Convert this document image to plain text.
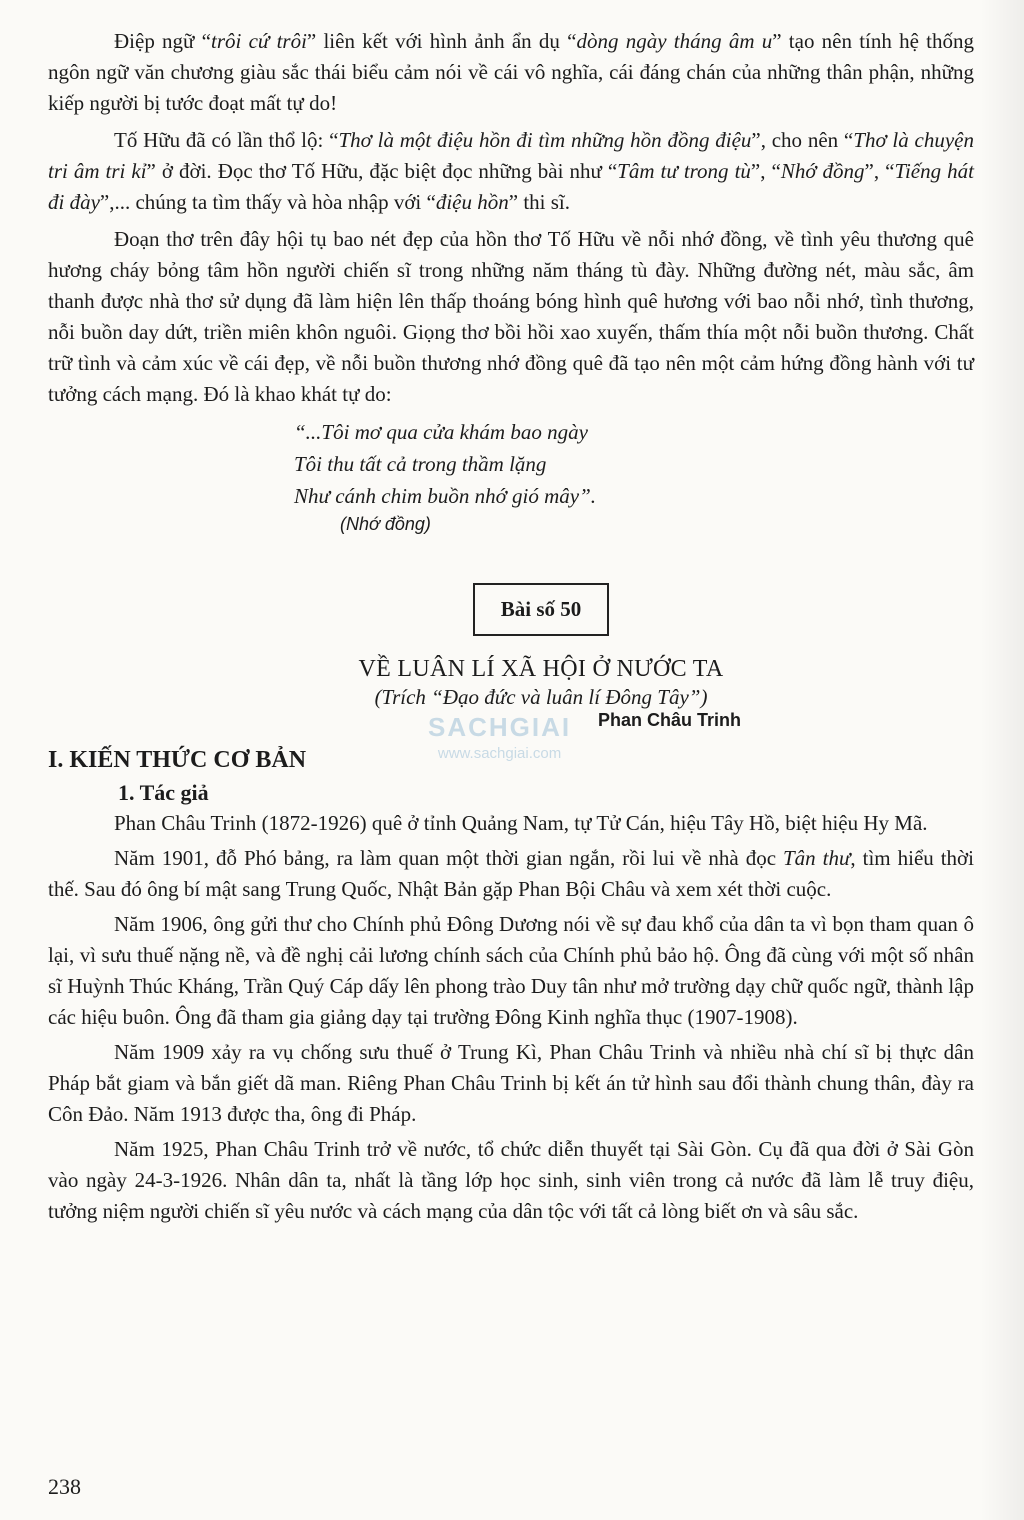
Điệp ngữ “trôi cứ trôi” liên kết với hình ảnh ẩn dụ “dòng ngày tháng âm u” tạo nên tính hệ thống ngôn ngữ văn chương giàu sắc thái biểu cảm nói về cái vô nghĩa, cái đáng chán của những thân phận, những kiếp người bị tước đoạt mất tự do!

Tố Hữu đã có lần thổ lộ: “Thơ là một điệu hồn đi tìm những hồn đồng điệu”, cho nên “Thơ là chuyện tri âm tri kỉ” ở đời. Đọc thơ Tố Hữu, đặc biệt đọc những bài như “Tâm tư trong tù”, “Nhớ đồng”, “Tiếng hát đi đày”,... chúng ta tìm thấy và hòa nhập với “điệu hồn” thi sĩ.

Đoạn thơ trên đây hội tụ bao nét đẹp của hồn thơ Tố Hữu về nỗi nhớ đồng, về tình yêu thương quê hương cháy bỏng tâm hồn người chiến sĩ trong những năm tháng tù đày. Những đường nét, màu sắc, âm thanh được nhà thơ sử dụng đã làm hiện lên thấp thoáng bóng hình quê hương với bao nỗi nhớ, tình thương, nỗi buồn day dứt, triền miên khôn nguôi. Giọng thơ bồi hồi xao xuyến, thấm thía một nỗi buồn thương. Chất trữ tình và cảm xúc về cái đẹp, về nỗi buồn thương nhớ đồng quê đã tạo nên một cảm hứng đồng hành với tư tưởng cách mạng. Đó là khao khát tự do:

“...Tôi mơ qua cửa khám bao ngày
Tôi thu tất cả trong thầm lặng
Như cánh chim buồn nhớ gió mây”.
(Nhớ đồng)
Bài số 50
VỀ LUÂN LÍ XÃ HỘI Ở NƯỚC TA
(Trích “Đạo đức và luân lí Đông Tây”)
Phan Châu Trinh
I. KIẾN THỨC CƠ BẢN
1. Tác giả

Phan Châu Trinh (1872-1926) quê ở tỉnh Quảng Nam, tự Tử Cán, hiệu Tây Hồ, biệt hiệu Hy Mã.

Năm 1901, đỗ Phó bảng, ra làm quan một thời gian ngắn, rồi lui về nhà đọc Tân thư, tìm hiểu thời thế. Sau đó ông bí mật sang Trung Quốc, Nhật Bản gặp Phan Bội Châu và xem xét thời cuộc.

Năm 1906, ông gửi thư cho Chính phủ Đông Dương nói về sự đau khổ của dân ta vì bọn tham quan ô lại, vì sưu thuế nặng nề, và đề nghị cải lương chính sách của Chính phủ bảo hộ. Ông đã cùng với một số nhân sĩ Huỳnh Thúc Kháng, Trần Quý Cáp dấy lên phong trào Duy tân như mở trường dạy chữ quốc ngữ, thành lập các hiệu buôn. Ông đã tham gia giảng dạy tại trường Đông Kinh nghĩa thục (1907-1908).

Năm 1909 xảy ra vụ chống sưu thuế ở Trung Kì, Phan Châu Trinh và nhiều nhà chí sĩ bị thực dân Pháp bắt giam và bắn giết dã man. Riêng Phan Châu Trinh bị kết án tử hình sau đổi thành chung thân, đày ra Côn Đảo. Năm 1913 được tha, ông đi Pháp.

Năm 1925, Phan Châu Trinh trở về nước, tổ chức diễn thuyết tại Sài Gòn. Cụ đã qua đời ở Sài Gòn vào ngày 24-3-1926. Nhân dân ta, nhất là tầng lớp học sinh, sinh viên trong cả nước đã làm lễ truy điệu, tưởng niệm người chiến sĩ yêu nước và cách mạng của dân tộc với tất cả lòng biết ơn và sâu sắc.

SACHGIAI
www.sachgiai.com
238
